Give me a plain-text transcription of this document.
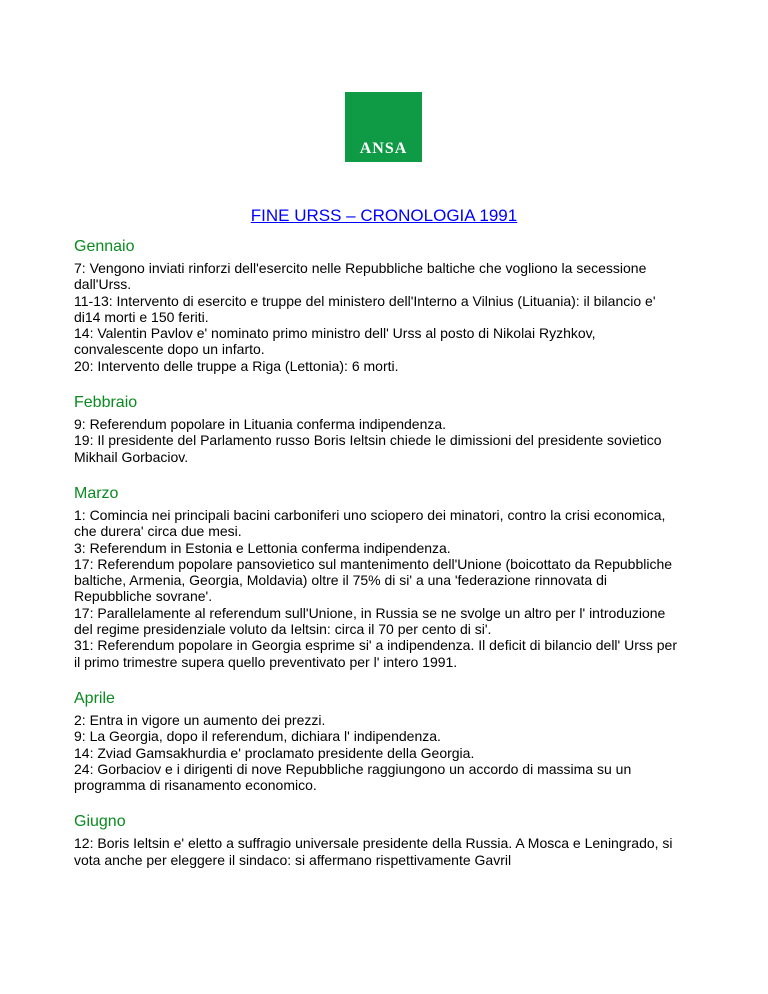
ANSA
FINE URSS – CRONOLOGIA 1991
Gennaio

7: Vengono inviati rinforzi dell'esercito nelle Repubbliche baltiche che vogliono la secessione dall'Urss.

11-13: Intervento di esercito e truppe del ministero dell'Interno a Vilnius (Lituania): il bilancio e' di14 morti e 150 feriti.

14: Valentin Pavlov e' nominato primo ministro dell' Urss al posto di Nikolai Ryzhkov, convalescente dopo un infarto.

20: Intervento delle truppe a Riga (Lettonia): 6 morti.

Febbraio

9: Referendum popolare in Lituania conferma indipendenza.

19: Il presidente del Parlamento russo Boris Ieltsin chiede le dimissioni del presidente sovietico Mikhail Gorbaciov.

Marzo

1: Comincia nei principali bacini carboniferi uno sciopero dei minatori, contro la crisi economica, che durera' circa due mesi.

3: Referendum in Estonia e Lettonia conferma indipendenza.

17: Referendum popolare pansovietico sul mantenimento dell'Unione (boicottato da Repubbliche baltiche, Armenia, Georgia, Moldavia) oltre il 75% di si' a una 'federazione rinnovata di Repubbliche sovrane'.

17: Parallelamente al referendum sull'Unione, in Russia se ne svolge un altro per l' introduzione del regime presidenziale voluto da Ieltsin: circa il 70 per cento di si'.

31: Referendum popolare in Georgia esprime si' a indipendenza. Il deficit di bilancio dell' Urss per il primo trimestre supera quello preventivato per l' intero 1991.

Aprile

2: Entra in vigore un aumento dei prezzi.

9: La Georgia, dopo il referendum, dichiara l' indipendenza.

14: Zviad Gamsakhurdia e' proclamato presidente della Georgia.

24: Gorbaciov e i dirigenti di nove Repubbliche raggiungono un accordo di massima su un programma di risanamento economico.

Giugno

12: Boris Ieltsin e' eletto a suffragio universale presidente della Russia. A Mosca e Leningrado, si vota anche per eleggere il sindaco: si affermano rispettivamente Gavril
